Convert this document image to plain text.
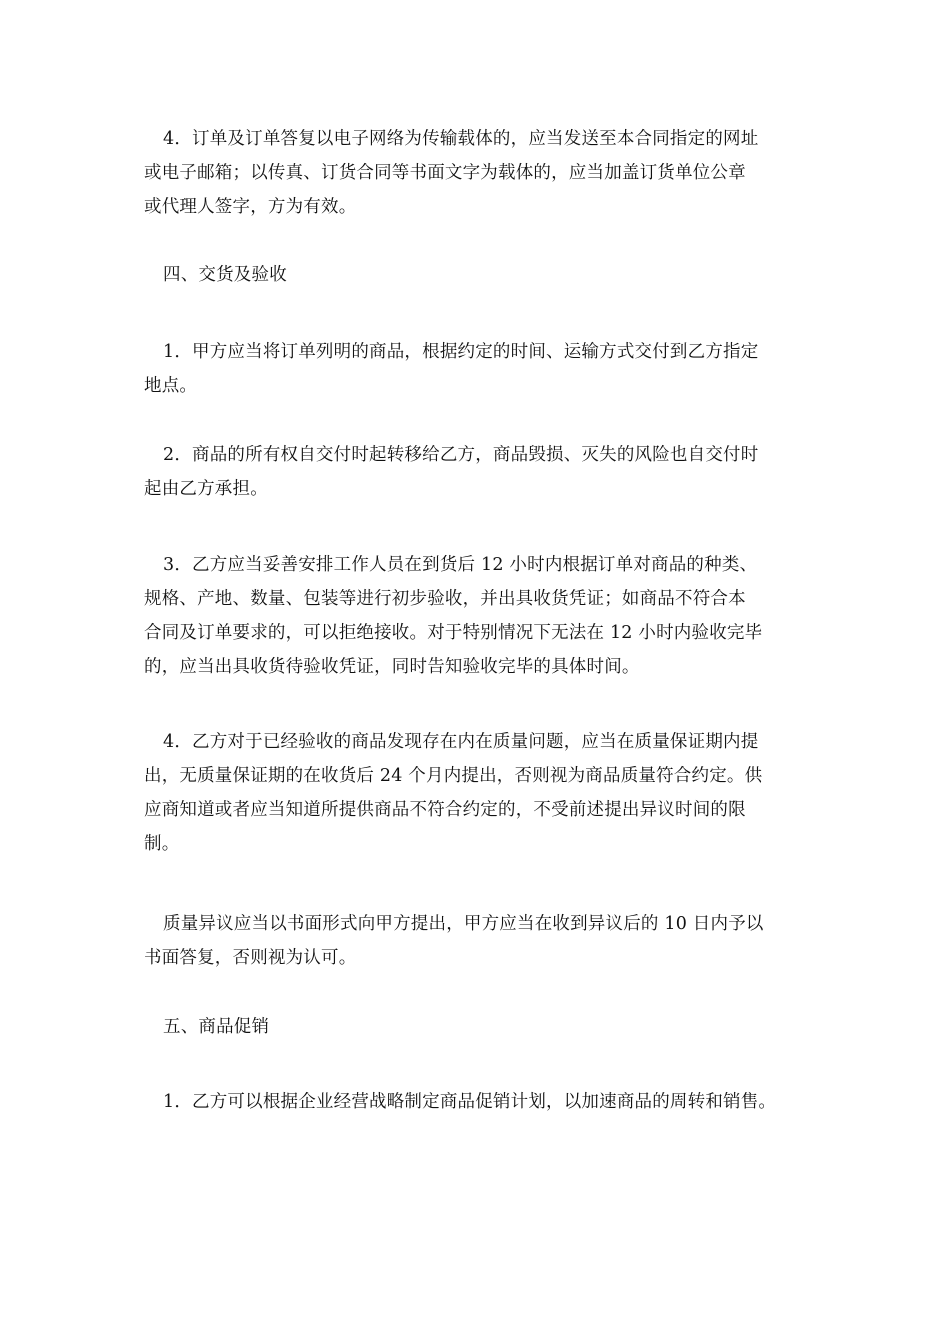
4．订单及订单答复以电子网络为传输载体的，应当发送至本合同指定的网址
或电子邮箱；以传真、订货合同等书面文字为载体的，应当加盖订货单位公章
或代理人签字，方为有效。
四、交货及验收
1．甲方应当将订单列明的商品，根据约定的时间、运输方式交付到乙方指定
地点。
2．商品的所有权自交付时起转移给乙方，商品毁损、灭失的风险也自交付时
起由乙方承担。
3．乙方应当妥善安排工作人员在到货后 12 小时内根据订单对商品的种类、
规格、产地、数量、包装等进行初步验收，并出具收货凭证；如商品不符合本
合同及订单要求的，可以拒绝接收。对于特别情况下无法在 12 小时内验收完毕
的，应当出具收货待验收凭证，同时告知验收完毕的具体时间。
4．乙方对于已经验收的商品发现存在内在质量问题，应当在质量保证期内提
出，无质量保证期的在收货后 24 个月内提出，否则视为商品质量符合约定。供
应商知道或者应当知道所提供商品不符合约定的，不受前述提出异议时间的限
制。
质量异议应当以书面形式向甲方提出，甲方应当在收到异议后的 10 日内予以
书面答复，否则视为认可。
五、商品促销
1．乙方可以根据企业经营战略制定商品促销计划，以加速商品的周转和销售。
